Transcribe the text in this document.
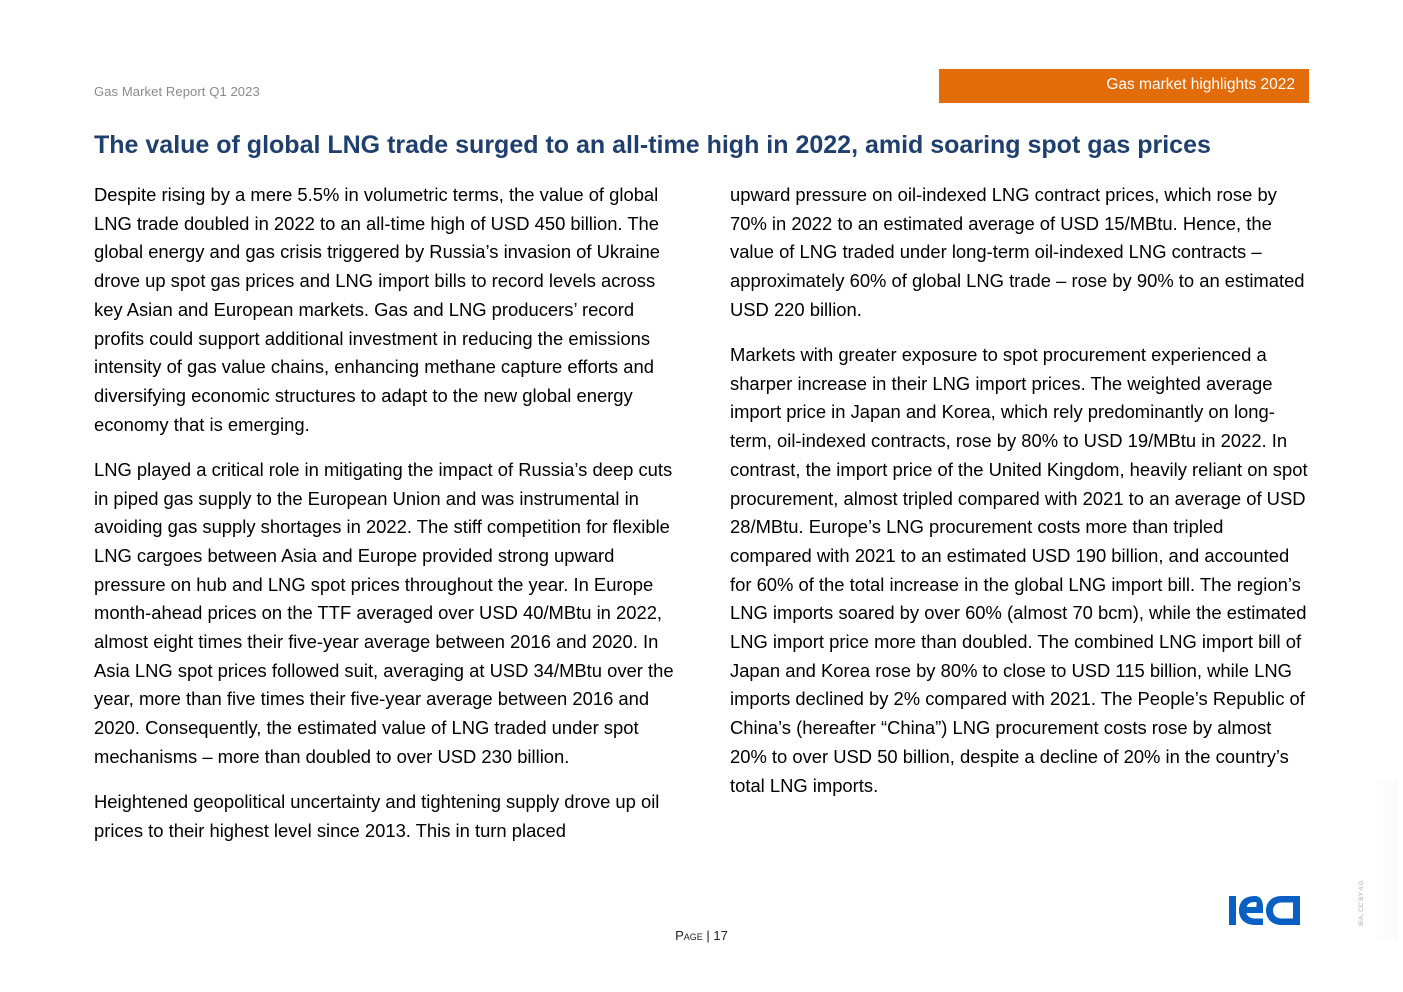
Gas Market Report Q1 2023	Gas market highlights 2022
The value of global LNG trade surged to an all-time high in 2022, amid soaring spot gas prices

Despite rising by a mere 5.5% in volumetric terms, the value of global LNG trade doubled in 2022 to an all-time high of USD 450 billion. The global energy and gas crisis triggered by Russia’s invasion of Ukraine drove up spot gas prices and LNG import bills to record levels across key Asian and European markets. Gas and LNG producers’ record profits could support additional investment in reducing the emissions intensity of gas value chains, enhancing methane capture efforts and diversifying economic structures to adapt to the new global energy economy that is emerging.

LNG played a critical role in mitigating the impact of Russia’s deep cuts in piped gas supply to the European Union and was instrumental in avoiding gas supply shortages in 2022. The stiff competition for flexible LNG cargoes between Asia and Europe provided strong upward pressure on hub and LNG spot prices throughout the year. In Europe month-ahead prices on the TTF averaged over USD 40/MBtu in 2022, almost eight times their five-year average between 2016 and 2020. In Asia LNG spot prices followed suit, averaging at USD 34/MBtu over the year, more than five times their five-year average between 2016 and 2020. Consequently, the estimated value of LNG traded under spot mechanisms – more than doubled to over USD 230 billion.

Heightened geopolitical uncertainty and tightening supply drove up oil prices to their highest level since 2013. This in turn placed

upward pressure on oil-indexed LNG contract prices, which rose by 70% in 2022 to an estimated average of USD 15/MBtu. Hence, the value of LNG traded under long-term oil-indexed LNG contracts – approximately 60% of global LNG trade – rose by 90% to an estimated USD 220 billion.

Markets with greater exposure to spot procurement experienced a sharper increase in their LNG import prices. The weighted average import price in Japan and Korea, which rely predominantly on long-term, oil-indexed contracts, rose by 80% to USD 19/MBtu in 2022. In contrast, the import price of the United Kingdom, heavily reliant on spot procurement, almost tripled compared with 2021 to an average of USD 28/MBtu. Europe’s LNG procurement costs more than tripled compared with 2021 to an estimated USD 190 billion, and accounted for 60% of the total increase in the global LNG import bill. The region’s LNG imports soared by over 60% (almost 70 bcm), while the estimated LNG import price more than doubled. The combined LNG import bill of Japan and Korea rose by 80% to close to USD 115 billion, while LNG imports declined by 2% compared with 2021. The People’s Republic of China’s (hereafter “China”) LNG procurement costs rose by almost 20% to over USD 50 billion, despite a decline of 20% in the country’s total LNG imports.

Page | 17
IEA. CC BY 4.0.
